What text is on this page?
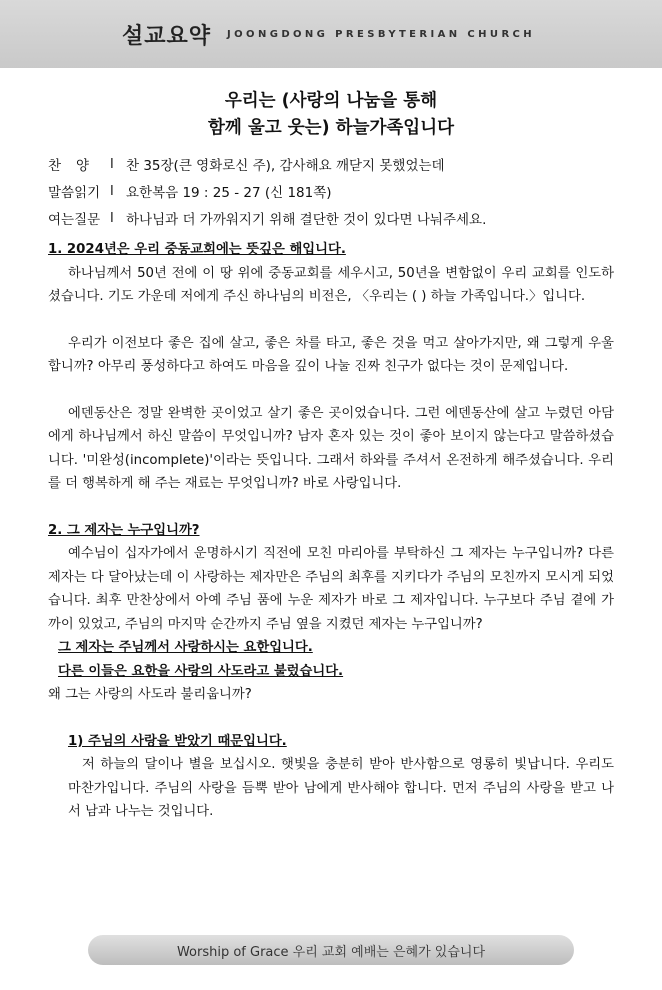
설교요약 JOONGDONG PRESBYTERIAN CHURCH
우리는 (사랑의 나눔을 통해
함께 울고 웃는) 하늘가족입니다
찬양 l 찬 35장(큰 영화로신 주), 감사해요 깨닫지 못했었는데
말씀읽기 l 요한복음 19 : 25 - 27 (신 181쪽)
여는질문 l 하나님과 더 가까워지기 위해 결단한 것이 있다면 나눠주세요.
1. 2024년은 우리 중동교회에는 뜻깊은 해입니다.

하나님께서 50년 전에 이 땅 위에 중동교회를 세우시고, 50년을 변함없이 우리 교회를 인도하셨습니다. 기도 가운데 저에게 주신 하나님의 비전은, 〈우리는 ( ) 하늘 가족입니다.〉입니다.

우리가 이전보다 좋은 집에 살고, 좋은 차를 타고, 좋은 것을 먹고 살아가지만, 왜 그렇게 우울합니까? 아무리 풍성하다고 하여도 마음을 깊이 나눌 진짜 친구가 없다는 것이 문제입니다.

에덴동산은 정말 완벽한 곳이었고 살기 좋은 곳이었습니다. 그런 에덴동산에 살고 누렸던 아담에게 하나님께서 하신 말씀이 무엇입니까? 남자 혼자 있는 것이 좋아 보이지 않는다고 말씀하셨습니다. '미완성(incomplete)'이라는 뜻입니다. 그래서 하와를 주셔서 온전하게 해주셨습니다. 우리를 더 행복하게 해 주는 재료는 무엇입니까? 바로 사랑입니다.

2. 그 제자는 누구입니까?

예수님이 십자가에서 운명하시기 직전에 모친 마리아를 부탁하신 그 제자는 누구입니까? 다른 제자는 다 달아났는데 이 사랑하는 제자만은 주님의 최후를 지키다가 주님의 모친까지 모시게 되었습니다. 최후 만찬상에서 아예 주님 품에 누운 제자가 바로 그 제자입니다. 누구보다 주님 곁에 가까이 있었고, 주님의 마지막 순간까지 주님 옆을 지켰던 제자는 누구입니까?

그 제자는 주님께서 사랑하시는 요한입니다.
다른 이들은 요한을 사랑의 사도라고 불렀습니다.
왜 그는 사랑의 사도라 불리웁니까?
1) 주님의 사랑을 받았기 때문입니다.

저 하늘의 달이나 별을 보십시오. 햇빛을 충분히 받아 반사함으로 영롱히 빛납니다. 우리도 마찬가입니다. 주님의 사랑을 듬뿍 받아 남에게 반사해야 합니다. 먼저 주님의 사랑을 받고 나서 남과 나누는 것입니다.

Worship of Grace 우리 교회 예배는 은혜가 있습니다
